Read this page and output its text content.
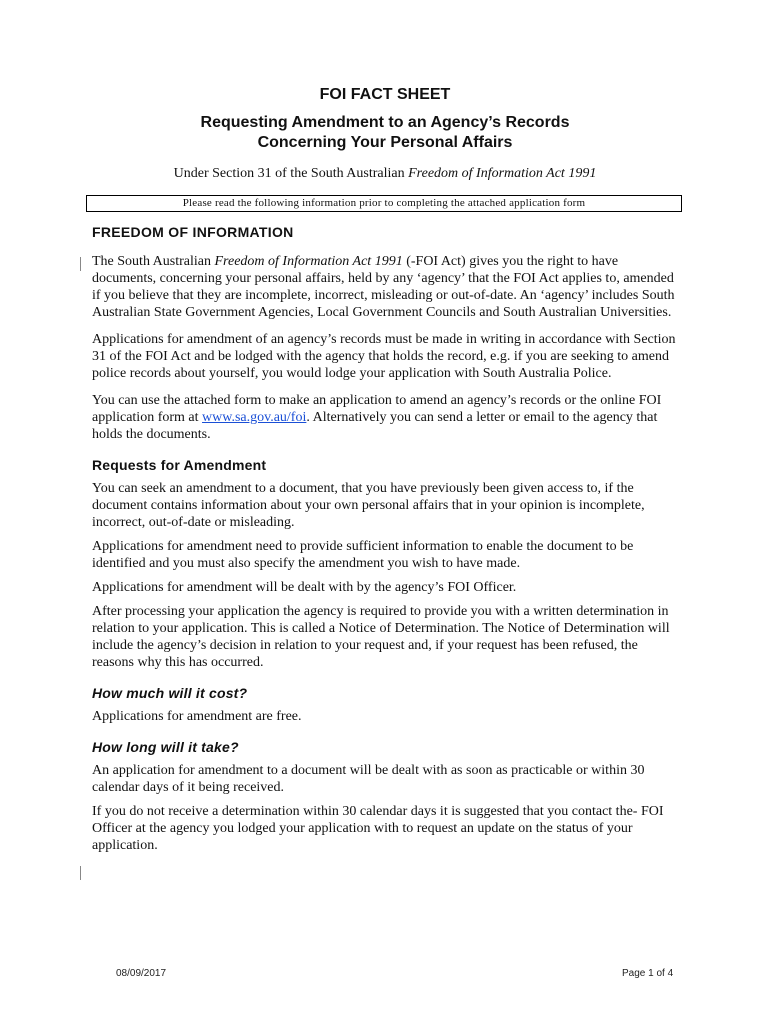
FOI FACT SHEET
Requesting Amendment to an Agency’s Records
Concerning Your Personal Affairs
Under Section 31 of the South Australian Freedom of Information Act 1991
Please read the following information prior to completing the attached application form
FREEDOM OF INFORMATION

The South Australian Freedom of Information Act 1991 (-FOI Act) gives you the right to have documents, concerning your personal affairs, held by any ‘agency’ that the FOI Act applies to, amended if you believe that they are incomplete, incorrect, misleading or out-of-date. An ‘agency’ includes South Australian State Government Agencies, Local Government Councils and South Australian Universities.

Applications for amendment of an agency’s records must be made in writing in accordance with Section 31 of the FOI Act and be lodged with the agency that holds the record, e.g. if you are seeking to amend police records about yourself, you would lodge your application with South Australia Police.

You can use the attached form to make an application to amend an agency’s records or the online FOI application form at www.sa.gov.au/foi. Alternatively you can send a letter or email to the agency that holds the documents.

Requests for Amendment

You can seek an amendment to a document, that you have previously been given access to, if the document contains information about your own personal affairs that in your opinion is incomplete, incorrect, out-of-date or misleading.

Applications for amendment need to provide sufficient information to enable the document to be identified and you must also specify the amendment you wish to have made.

Applications for amendment will be dealt with by the agency’s FOI Officer.

After processing your application the agency is required to provide you with a written determination in relation to your application. This is called a Notice of Determination. The Notice of Determination will include the agency’s decision in relation to your request and, if your request has been refused, the reasons why this has occurred.

How much will it cost?

Applications for amendment are free.

How long will it take?

An application for amendment to a document will be dealt with as soon as practicable or within 30 calendar days of it being received.

If you do not receive a determination within 30 calendar days it is suggested that you contact the- FOI Officer at the agency you lodged your application with to request an update on the status of your application.

08/09/2017	Page 1 of 4
